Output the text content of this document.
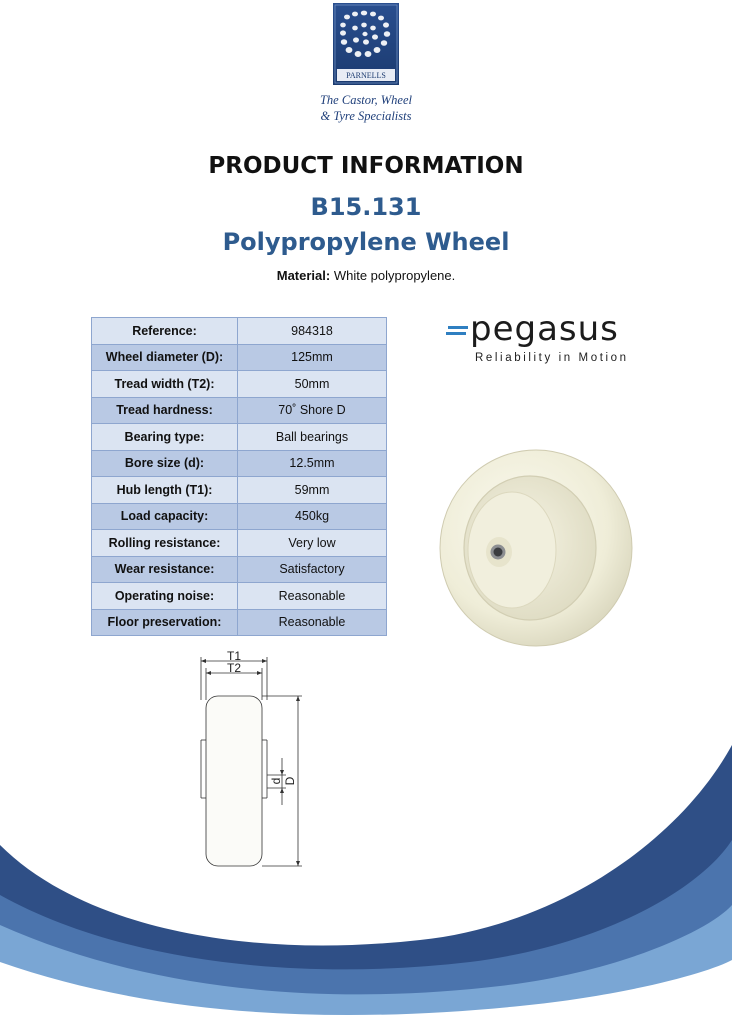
PARNELLS
The Castor, Wheel
& Tyre Specialists
PRODUCT INFORMATION
B15.131
Polypropylene Wheel
Material: White polypropylene.
Reference:	984318
Wheel diameter (D):	125mm
Tread width (T2):	50mm
Tread hardness:	70˚ Shore D
Bearing type:	Ball bearings
Bore size (d):	12.5mm
Hub length (T1):	59mm
Load capacity:	450kg
Rolling resistance:	Very low
Wear resistance:	Satisfactory
Operating noise:	Reasonable
Floor preservation:	Reasonable
pegasus
Reliability in Motion
T1
T2
d D
